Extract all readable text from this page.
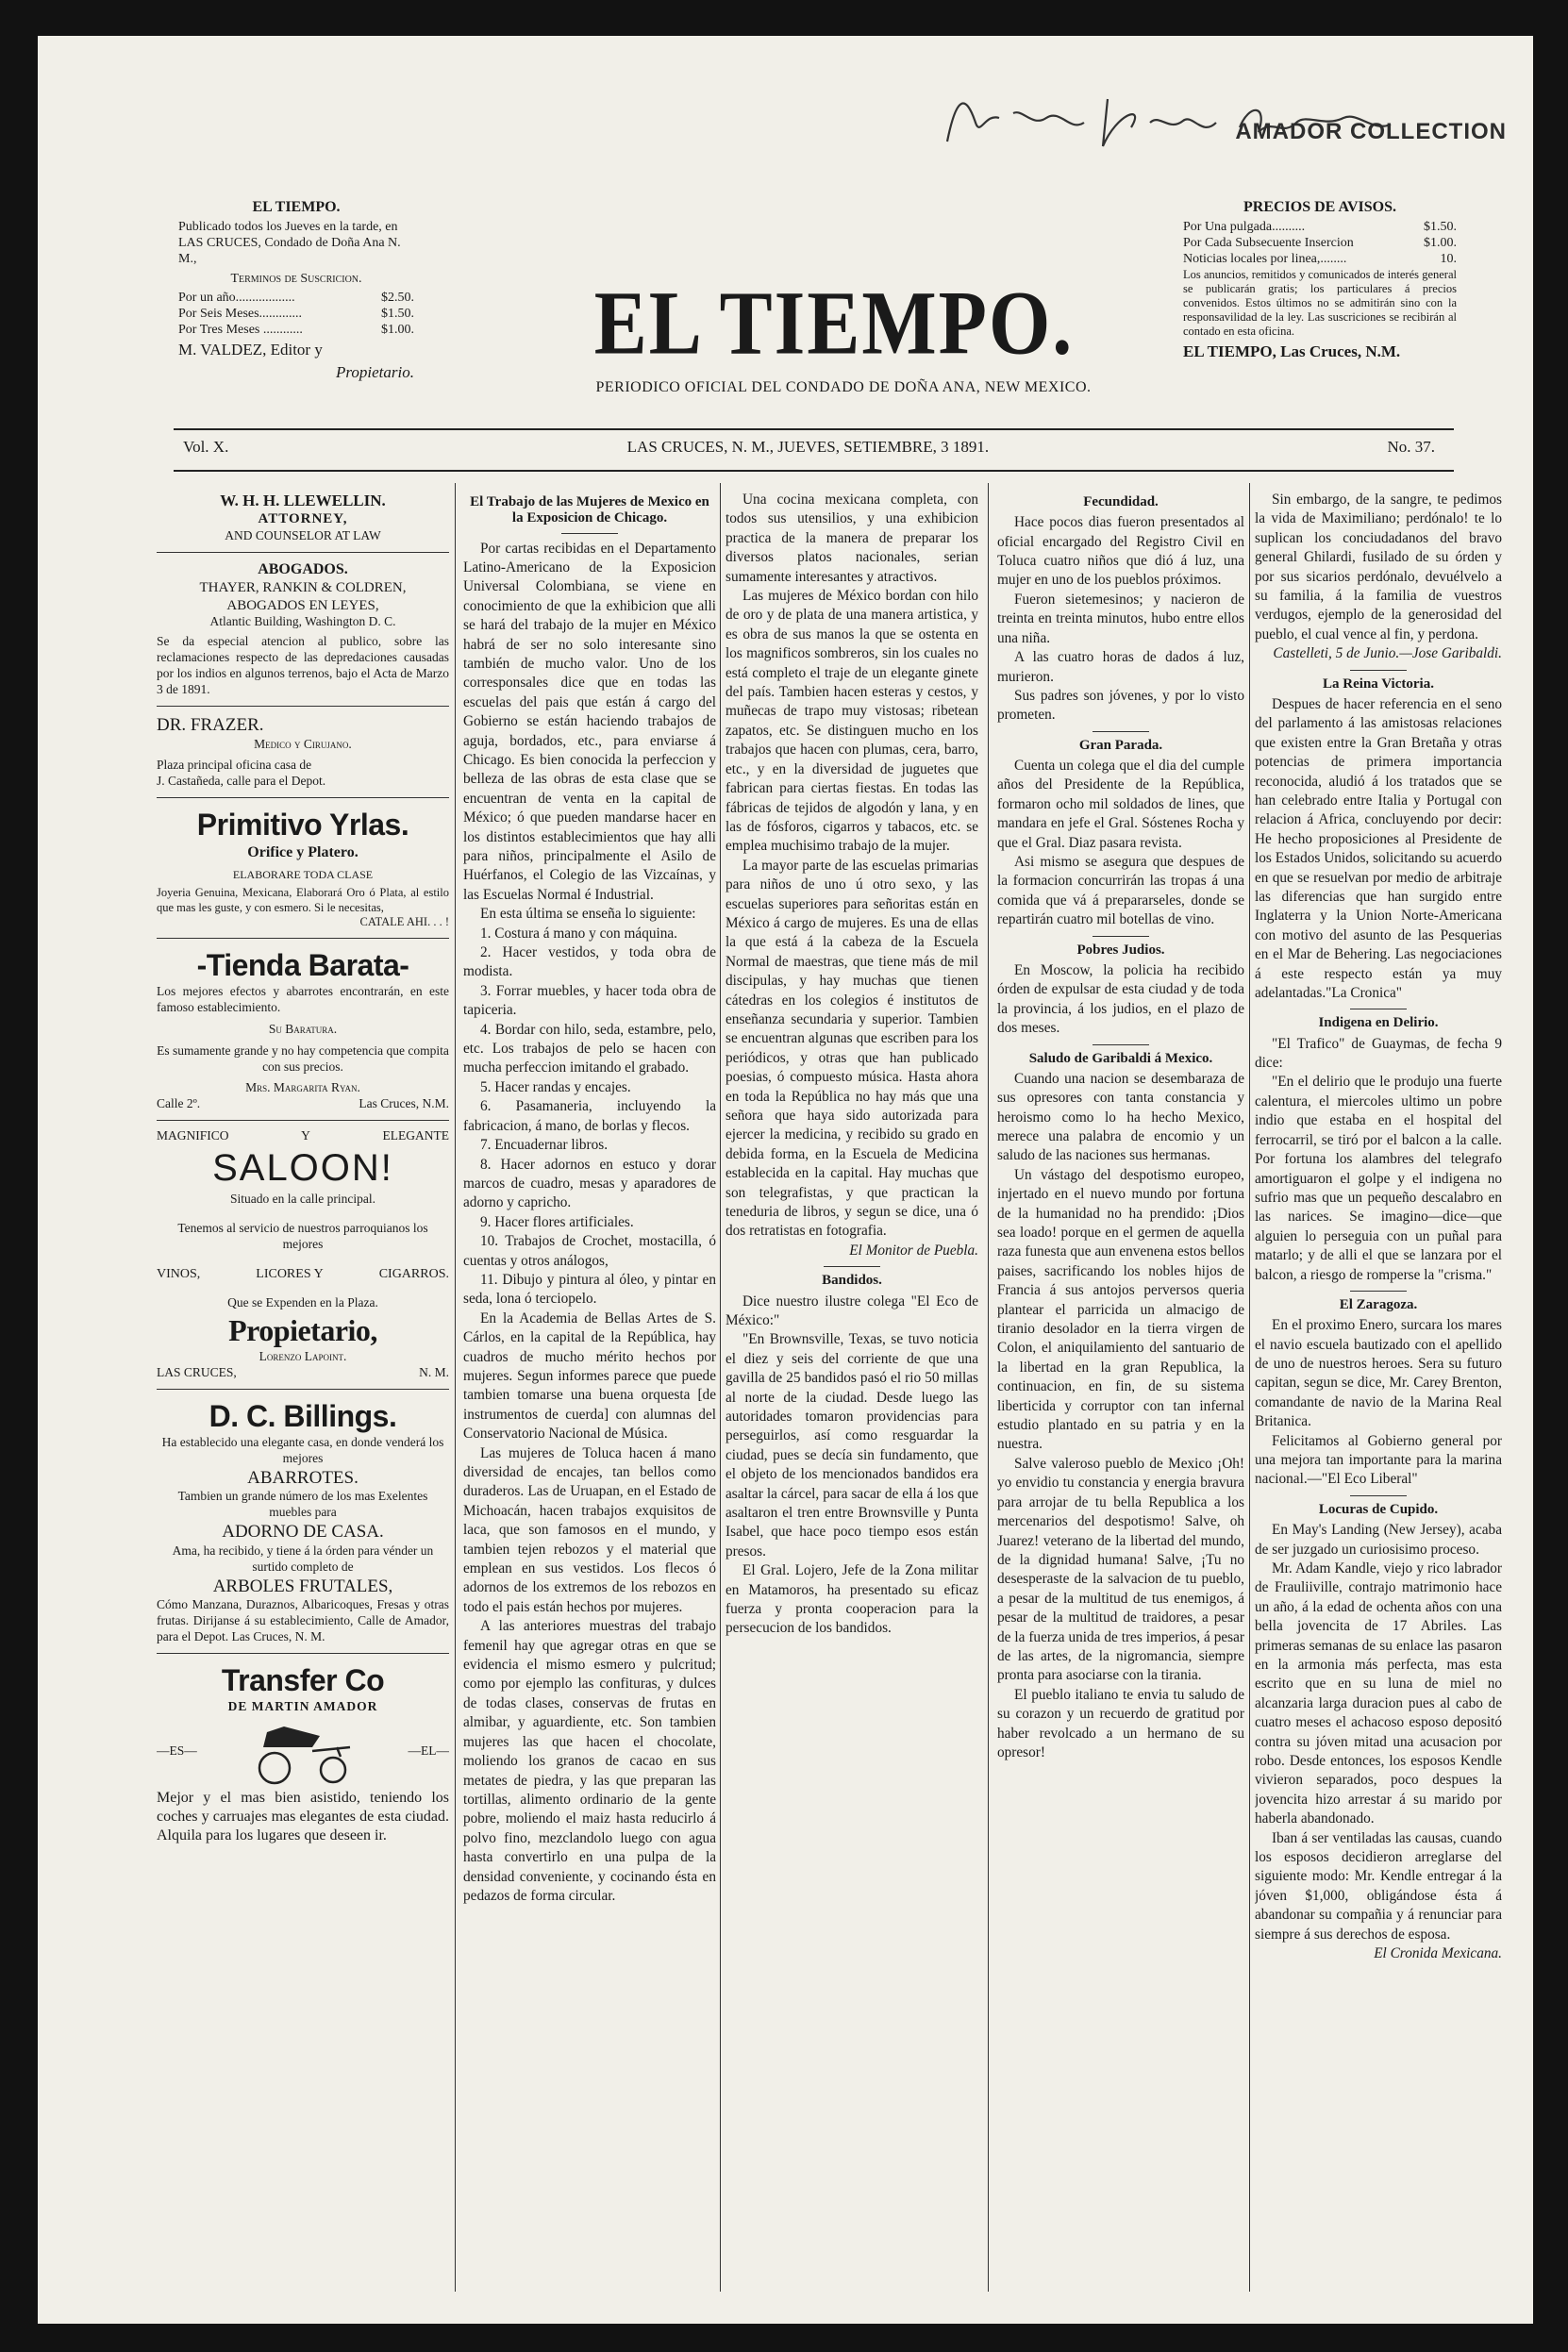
AMADOR COLLECTION
EL TIEMPO.

Publicado todos los Jueves en la tarde, en LAS CRUCES, Condado de Doña Ana N. M.,

Terminos de Suscricion.

Por un año..................	$2.50.
Por Seis Meses.............	$1.50.
Por Tres Meses ............	$1.00.

M. VALDEZ, Editor y

Propietario.	EL TIEMPO.
PERIODICO OFICIAL DEL CONDADO DE DOÑA ANA, NEW MEXICO.
PRECIOS DE AVISOS.
Por Una pulgada..........	$1.50.
Por Cada Subsecuente Insercion	$1.00.
Noticias locales por linea,........	10.

Los anuncios, remitidos y comunicados de interés general se publicarán gratis; los particulares á precios convenidos. Estos últimos no se admitirán sino con la responsavilidad de la ley. Las suscriciones se recibirán al contado en esta oficina.

EL TIEMPO, Las Cruces, N.M.

Vol. X.	LAS CRUCES, N. M., JUEVES, SETIEMBRE, 3 1891.	No. 37.
W. H. H. LLEWELLIN.
ATTORNEY,
AND COUNSELOR AT LAW
ABOGADOS.
THAYER, RANKIN & COLDREN,
ABOGADOS EN LEYES,
Atlantic Building, Washington D. C.
Se da especial atencion al publico, sobre las reclamaciones respecto de las depredaciones causadas por los indios en algunos terrenos, bajo el Acta de Marzo 3 de 1891.
DR. FRAZER.
Medico y Cirujano.
Plaza principal oficina casa de
J. Castañeda, calle para el Depot.
Primitivo Yrlas.
Orifice y Platero.
ELABORARE TODA CLASE
Joyeria Genuina, Mexicana, Elaborará Oro ó Plata, al estilo que mas les guste, y con esmero. Si le necesitas,
CATALE AHI. . . !
-Tienda Barata-
Los mejores efectos y abarrotes encontrarán, en este famoso establecimiento.
Su Baratura.
Es sumamente grande y no hay competencia que compita con sus precios.
Mrs. Margarita Ryan.
Calle 2º.	Las Cruces, N.M.
MAGNIFICO	Y	ELEGANTE
SALOON!
Situado en la calle principal.
Tenemos al servicio de nuestros parroquianos los mejores
VINOS,	LICORES Y	CIGARROS.
Que se Expenden en la Plaza.
Propietario,
Lorenzo Lapoint.
LAS CRUCES,	N. M.
D. C. Billings.
Ha establecido una elegante casa, en donde venderá los mejores
ABARROTES.
Tambien un grande número de los mas Exelentes muebles para
ADORNO DE CASA.
Ama, ha recibido, y tiene á la órden para vénder un surtido completo de
ARBOLES FRUTALES,
Cómo Manzana, Duraznos, Albaricoques, Fresas y otras frutas. Dirijanse á su establecimiento, Calle de Amador, para el Depot. Las Cruces, N. M.
Transfer Co
DE MARTIN AMADOR
—ES—	—EL—
Mejor y el mas bien asistido, teniendo los coches y carruajes mas elegantes de esta ciudad. Alquila para los lugares que deseen ir.
El Trabajo de las Mujeres de Mexico en la Exposicion de Chicago.

Por cartas recibidas en el Departamento Latino-Americano de la Exposicion Universal Colombiana, se viene en conocimiento de que la exhibicion que alli se hará del trabajo de la mujer en México habrá de ser no solo interesante sino también de mucho valor. Uno de los corresponsales dice que en todas las escuelas del pais que están á cargo del Gobierno se están haciendo trabajos de aguja, bordados, etc., para enviarse á Chicago. Es bien conocida la perfeccion y belleza de las obras de esta clase que se encuentran de venta en la capital de México; ó que pueden mandarse hacer en los distintos establecimientos que hay alli para niños, principalmente el Asilo de Huérfanos, el Colegio de las Vizcaínas, y las Escuelas Normal é Industrial.

En esta última se enseña lo siguiente:

1. Costura á mano y con máquina.

2. Hacer vestidos, y toda obra de modista.

3. Forrar muebles, y hacer toda obra de tapiceria.

4. Bordar con hilo, seda, estambre, pelo, etc. Los trabajos de pelo se hacen con mucha perfeccion imitando el grabado.

5. Hacer randas y encajes.

6. Pasamaneria, incluyendo la fabricacion, á mano, de borlas y flecos.

7. Encuadernar libros.

8. Hacer adornos en estuco y dorar marcos de cuadro, mesas y aparadores de adorno y capricho.

9. Hacer flores artificiales.

10. Trabajos de Crochet, mostacilla, ó cuentas y otros análogos,

11. Dibujo y pintura al óleo, y pintar en seda, lona ó terciopelo.

En la Academia de Bellas Artes de S. Cárlos, en la capital de la República, hay cuadros de mucho mérito hechos por mujeres. Segun informes parece que puede tambien tomarse una buena orquesta [de instrumentos de cuerda] con alumnas del Conservatorio Nacional de Música.

Las mujeres de Toluca hacen á mano diversidad de encajes, tan bellos como duraderos. Las de Uruapan, en el Estado de Michoacán, hacen trabajos exquisitos de laca, que son famosos en el mundo, y tambien tejen rebozos y el material que emplean en sus vestidos. Los flecos ó adornos de los extremos de los rebozos en todo el pais están hechos por mujeres.

A las anteriores muestras del trabajo femenil hay que agregar otras en que se evidencia el mismo esmero y pulcritud; como por ejemplo las confituras, y dulces de todas clases, conservas de frutas en almibar, y aguardiente, etc. Son tambien mujeres las que hacen el chocolate, moliendo los granos de cacao en sus metates de piedra, y las que preparan las tortillas, alimento ordinario de la gente pobre, moliendo el maiz hasta reducirlo á polvo fino, mezclandolo luego con agua hasta convertirlo en una pulpa de la densidad conveniente, y cocinando ésta en pedazos de forma circular.

Una cocina mexicana completa, con todos sus utensilios, y una exhibicion practica de la manera de preparar los diversos platos nacionales, serian sumamente interesantes y atractivos.

Las mujeres de México bordan con hilo de oro y de plata de una manera artistica, y es obra de sus manos la que se ostenta en los magnificos sombreros, sin los cuales no está completo el traje de un elegante ginete del país. Tambien hacen esteras y cestos, y muñecas de trapo muy vistosas; ribetean zapatos, etc. Se distinguen mucho en los trabajos que hacen con plumas, cera, barro, etc., y en la diversidad de juguetes que fabrican para ciertas fiestas. En todas las fábricas de tejidos de algodón y lana, y en las de fósforos, cigarros y tabacos, etc. se emplea muchisimo trabajo de la mujer.

La mayor parte de las escuelas primarias para niños de uno ú otro sexo, y las escuelas superiores para señoritas están en México á cargo de mujeres. Es una de ellas la que está á la cabeza de la Escuela Normal de maestras, que tiene más de mil discipulas, y hay muchas que tienen cátedras en los colegios é institutos de enseñanza secundaria y superior. Tambien se encuentran algunas que escriben para los periódicos, y otras que han publicado poesias, ó compuesto música. Hasta ahora en toda la República no hay más que una señora que haya sido autorizada para ejercer la medicina, y recibido su grado en debida forma, en la Escuela de Medicina establecida en la capital. Hay muchas que son telegrafistas, y que practican la teneduria de libros, y segun se dice, una ó dos retratistas en fotografia.

El Monitor de Puebla.

Bandidos.

Dice nuestro ilustre colega "El Eco de México:"

"En Brownsville, Texas, se tuvo noticia el diez y seis del corriente de que una gavilla de 25 bandidos pasó el rio 50 millas al norte de la ciudad. Desde luego las autoridades tomaron providencias para perseguirlos, así como resguardar la ciudad, pues se decía sin fundamento, que el objeto de los mencionados bandidos era asaltar la cárcel, para sacar de ella á los que asaltaron el tren entre Brownsville y Punta Isabel, que hace poco tiempo esos están presos.

El Gral. Lojero, Jefe de la Zona militar en Matamoros, ha presentado su eficaz fuerza y pronta cooperacion para la persecucion de los bandidos.

Fecundidad.

Hace pocos dias fueron presentados al oficial encargado del Registro Civil en Toluca cuatro niños que dió á luz, una mujer en uno de los pueblos próximos.

Fueron sietemesinos; y nacieron de treinta en treinta minutos, hubo entre ellos una niña.

A las cuatro horas de dados á luz, murieron.

Sus padres son jóvenes, y por lo visto prometen.

Gran Parada.

Cuenta un colega que el dia del cumple años del Presidente de la República, formaron ocho mil soldados de lines, que mandara en jefe el Gral. Sóstenes Rocha y que el Gral. Diaz pasara revista.

Asi mismo se asegura que despues de la formacion concurrirán las tropas á una comida que vá á prepararseles, donde se repartirán cuatro mil botellas de vino.

Pobres Judios.

En Moscow, la policia ha recibido órden de expulsar de esta ciudad y de toda la provincia, á los judios, en el plazo de dos meses.

Saludo de Garibaldi á Mexico.

Cuando una nacion se desembaraza de sus opresores con tanta constancia y heroismo como lo ha hecho Mexico, merece una palabra de encomio y un saludo de las naciones sus hermanas.

Un vástago del despotismo europeo, injertado en el nuevo mundo por fortuna de la humanidad no ha prendido: ¡Dios sea loado! porque en el germen de aquella raza funesta que aun envenena estos bellos paises, sacrificando los nobles hijos de Francia á sus antojos perversos queria plantear el parricida un almacigo de tiranio desolador en la tierra virgen de Colon, el aniquilamiento del santuario de la libertad en la gran Republica, la continuacion, en fin, de su sistema liberticida y corruptor con tan infernal estudio plantado en su patria y en la nuestra.

Salve valeroso pueblo de Mexico ¡Oh! yo envidio tu constancia y energia bravura para arrojar de tu bella Republica a los mercenarios del despotismo! Salve, oh Juarez! veterano de la libertad del mundo, de la dignidad humana! Salve, ¡Tu no desesperaste de la salvacion de tu pueblo, a pesar de la multitud de tus enemigos, á pesar de la multitud de traidores, a pesar de la fuerza unida de tres imperios, á pesar de las artes, de la nigromancia, siempre pronta para asociarse con la tirania.

El pueblo italiano te envia tu saludo de su corazon y un recuerdo de gratitud por haber revolcado a un hermano de su opresor!

Sin embargo, de la sangre, te pedimos la vida de Maximiliano; perdónalo! te lo suplican los conciudadanos del bravo general Ghilardi, fusilado de su órden y por sus sicarios perdónalo, devuélvelo a su familia, á la familia de vuestros verdugos, ejemplo de la generosidad del pueblo, el cual vence al fin, y perdona.

Castelleti, 5 de Junio.—Jose Garibaldi.

La Reina Victoria.

Despues de hacer referencia en el seno del parlamento á las amistosas relaciones que existen entre la Gran Bretaña y otras potencias de primera importancia reconocida, aludió á los tratados que se han celebrado entre Italia y Portugal con relacion á Africa, concluyendo por decir: He hecho proposiciones al Presidente de los Estados Unidos, solicitando su acuerdo en que se resuelvan por medio de arbitraje las diferencias que han surgido entre Inglaterra y la Union Norte-Americana con motivo del asunto de las Pesquerias en el Mar de Behering. Las negociaciones á este respecto están ya muy adelantadas."La Cronica"

Indigena en Delirio.

"El Trafico" de Guaymas, de fecha 9 dice:

"En el delirio que le produjo una fuerte calentura, el miercoles ultimo un pobre indio que estaba en el hospital del ferrocarril, se tiró por el balcon a la calle. Por fortuna los alambres del telegrafo amortiguaron el golpe y el indigena no sufrio mas que un pequeño descalabro en las narices. Se imagino—dice—que alguien lo perseguia con un puñal para matarlo; y de alli el que se lanzara por el balcon, a riesgo de romperse la "crisma."

El Zaragoza.

En el proximo Enero, surcara los mares el navio escuela bautizado con el apellido de uno de nuestros heroes. Sera su futuro capitan, segun se dice, Mr. Carey Brenton, comandante de navio de la Marina Real Britanica.

Felicitamos al Gobierno general por una mejora tan importante para la marina nacional.—"El Eco Liberal"

Locuras de Cupido.

En May's Landing (New Jersey), acaba de ser juzgado un curiosisimo proceso.

Mr. Adam Kandle, viejo y rico labrador de Frauliiville, contrajo matrimonio hace un año, á la edad de ochenta años con una bella jovencita de 17 Abriles. Las primeras semanas de su enlace las pasaron en la armonia más perfecta, mas esta escrito que en su luna de miel no alcanzaria larga duracion pues al cabo de cuatro meses el achacoso esposo depositó contra su jóven mitad una acusacion por robo. Desde entonces, los esposos Kendle vivieron separados, poco despues la jovencita hizo arrestar á su marido por haberla abandonado.

Iban á ser ventiladas las causas, cuando los esposos decidieron arreglarse del siguiente modo: Mr. Kendle entregar á la jóven $1,000, obligándose ésta á abandonar su compañia y á renunciar para siempre á sus derechos de esposa.

El Cronida Mexicana.
